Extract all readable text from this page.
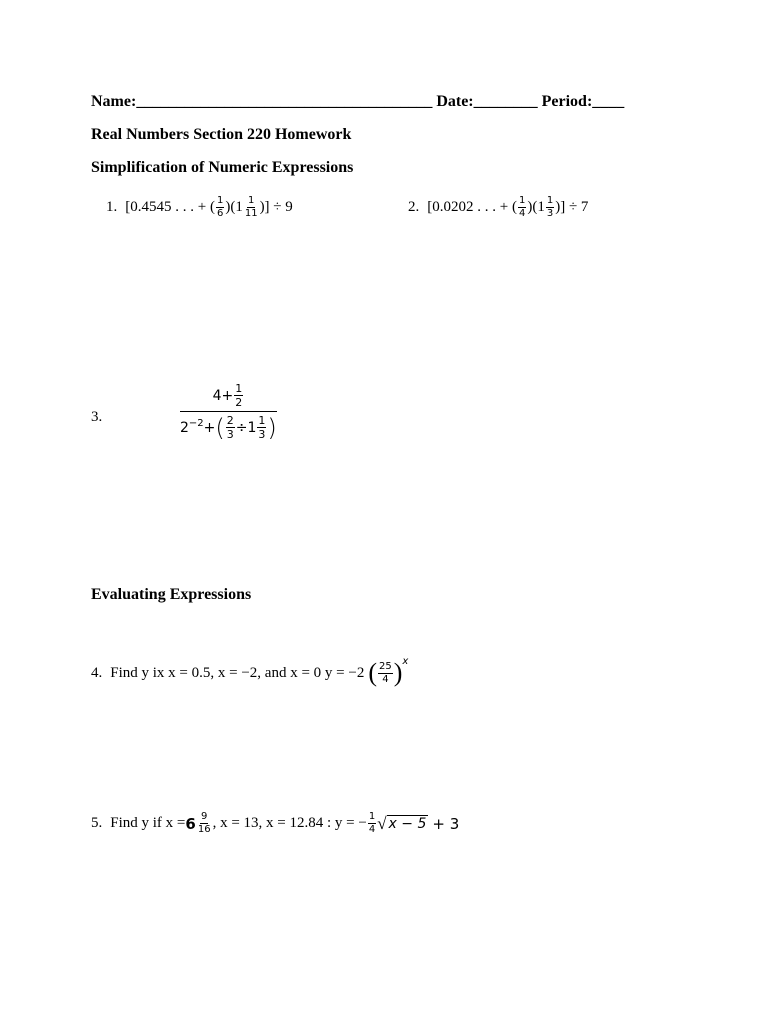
Name:_____________________________________ Date:________ Period:____
Real Numbers Section 220 Homework
Simplification of Numeric Expressions
1. [0.4545 . . . + ( $\frac{1}{6} )(1 \frac{1}{11}$ )] ÷ 9	2. [0.0202 . . . + ( $\frac{1}{4} )(1 \frac{1}{3}$ )] ÷ 7
3.	$\frac{4+ \frac{1}{2}}{2 -2 + ( \frac{2}{3} \div 1 \frac{1}{3} )}$
Evaluating Expressions
4. Find y ix x = 0.5, x = −2, and x = 0 y = −2 ( $\frac{25}{4}$ ) x
5. Find y if $x = 6 \frac{9}{16}$ , x = 13, x = 12.84 : y = − $\frac{1}{4}$ √ x − 5 + 3
